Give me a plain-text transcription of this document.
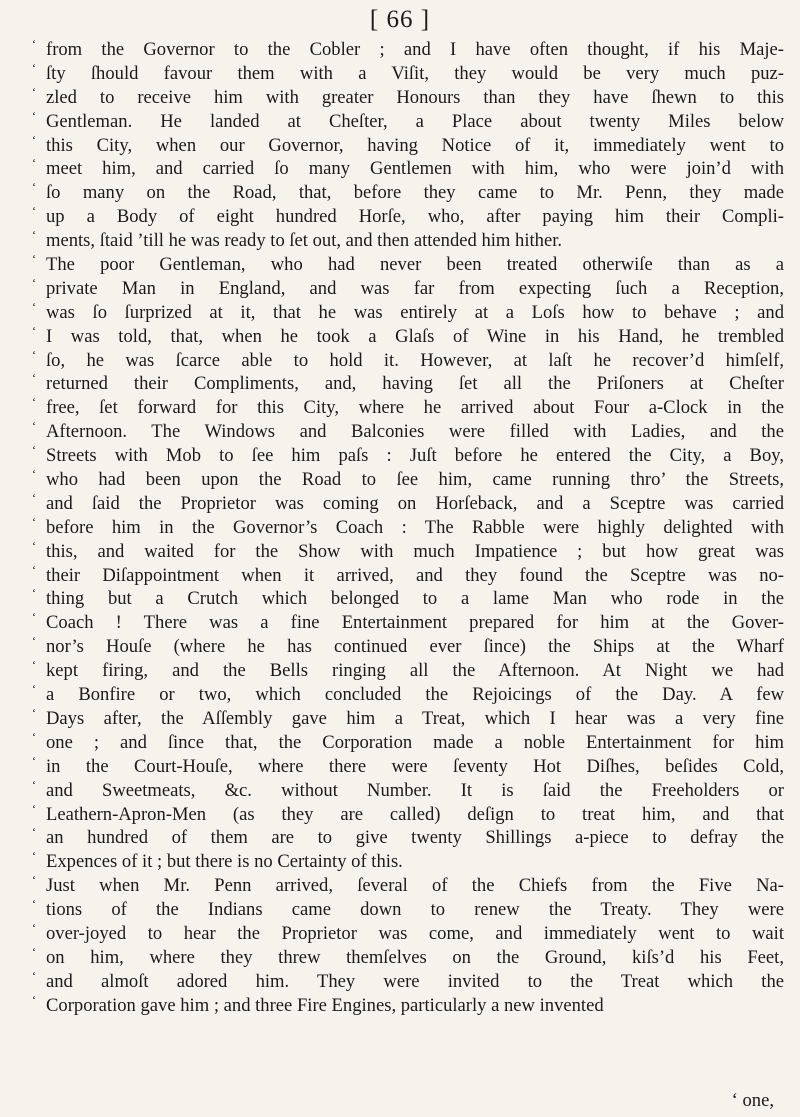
[ 66 ]
‘ from the Governor to the Cobler ; and I have often thought, if his Maje-
‘ ſty ſhould favour them with a Viſit, they would be very much puz-
‘ zled to receive him with greater Honours than they have ſhewn to this
‘ Gentleman. He landed at Cheſter, a Place about twenty Miles below
‘ this City, when our Governor, having Notice of it, immediately went to
‘ meet him, and carried ſo many Gentlemen with him, who were join’d with
‘ ſo many on the Road, that, before they came to Mr. Penn, they made
‘ up a Body of eight hundred Horſe, who, after paying him their Compli-
‘ ments, ſtaid ’till he was ready to ſet out, and then attended him hither.
‘ The poor Gentleman, who had never been treated otherwiſe than as a
‘ private Man in England, and was far from expecting ſuch a Reception,
‘ was ſo ſurprized at it, that he was entirely at a Loſs how to behave ; and
‘ I was told, that, when he took a Glaſs of Wine in his Hand, he trembled
‘ ſo, he was ſcarce able to hold it. However, at laſt he recover’d himſelf,
‘ returned their Compliments, and, having ſet all the Priſoners at Cheſter
‘ free, ſet forward for this City, where he arrived about Four a-Clock in the
‘ Afternoon. The Windows and Balconies were filled with Ladies, and the
‘ Streets with Mob to ſee him paſs : Juſt before he entered the City, a Boy,
‘ who had been upon the Road to ſee him, came running thro’ the Streets,
‘ and ſaid the Proprietor was coming on Horſeback, and a Sceptre was carried
‘ before him in the Governor’s Coach : The Rabble were highly delighted with
‘ this, and waited for the Show with much Impatience ; but how great was
‘ their Diſappointment when it arrived, and they found the Sceptre was no-
‘ thing but a Crutch which belonged to a lame Man who rode in the
‘ Coach ! There was a fine Entertainment prepared for him at the Gover-
‘ nor’s Houſe (where he has continued ever ſince) the Ships at the Wharf
‘ kept firing, and the Bells ringing all the Afternoon. At Night we had
‘ a Bonfire or two, which concluded the Rejoicings of the Day. A few
‘ Days after, the Aſſembly gave him a Treat, which I hear was a very fine
‘ one ; and ſince that, the Corporation made a noble Entertainment for him
‘ in the Court-Houſe, where there were ſeventy Hot Diſhes, beſides Cold,
‘ and Sweetmeats, &c. without Number. It is ſaid the Freeholders or
‘ Leathern-Apron-Men (as they are called) deſign to treat him, and that
‘ an hundred of them are to give twenty Shillings a-piece to defray the
‘ Expences of it ; but there is no Certainty of this.
‘ Just when Mr. Penn arrived, ſeveral of the Chiefs from the Five Na-
‘ tions of the Indians came down to renew the Treaty. They were
‘ over-joyed to hear the Proprietor was come, and immediately went to wait
‘ on him, where they threw themſelves on the Ground, kiſs’d his Feet,
‘ and almoſt adored him. They were invited to the Treat which the
‘ Corporation gave him ; and three Fire Engines, particularly a new invented
‘ one,
